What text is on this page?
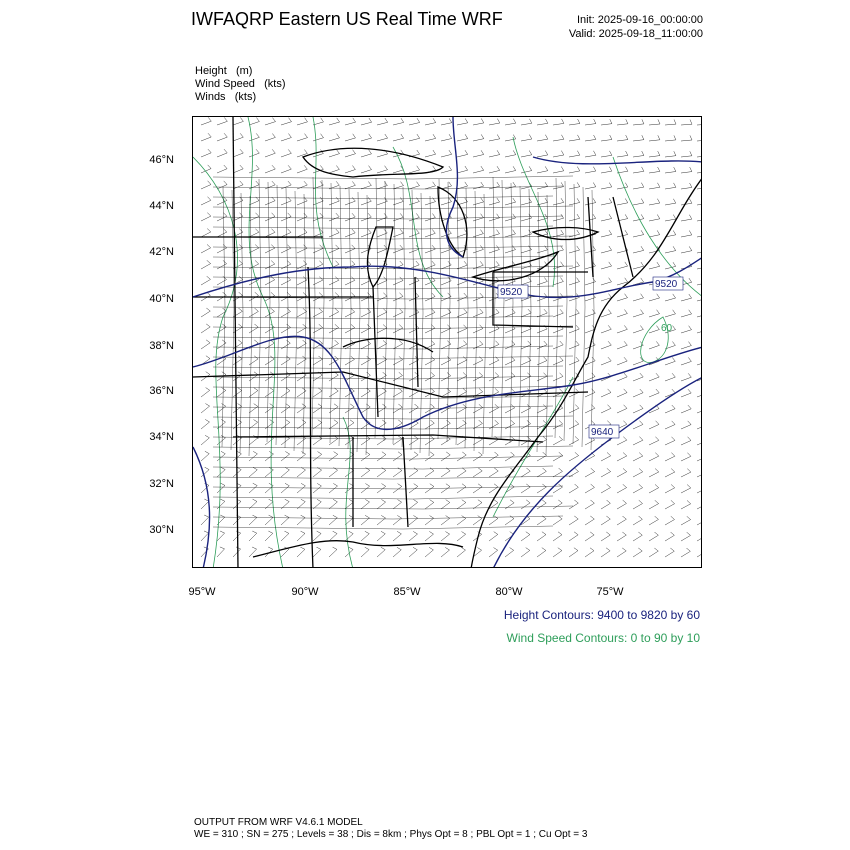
IWFAQRP Eastern US Real Time WRF	Init: 2025-09-16_00:00:00
Valid: 2025-09-18_11:00:00
Height   (m)
Wind Speed   (kts)
Winds   (kts)
9520
9520
9640
60
46°N
44°N
42°N
40°N
38°N
36°N
34°N
32°N
30°N
95°W	90°W	85°W	80°W	75°W
Height Contours: 9400 to 9820 by 60
Wind Speed Contours: 0 to 90 by 10
OUTPUT FROM WRF V4.6.1 MODEL
WE = 310 ; SN = 275 ; Levels = 38 ; Dis = 8km ; Phys Opt = 8 ; PBL Opt = 1 ; Cu Opt = 3
